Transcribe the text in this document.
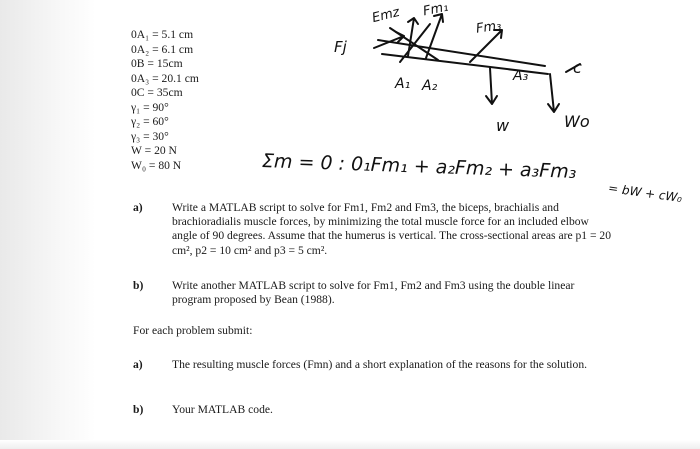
0A₁ = 5.1 cm
0A₂ = 6.1 cm
0B = 15cm
0A₃ = 20.1 cm
0C = 35cm
γ₁ = 90°
γ₂ = 60°
γ₃ = 30°
W = 20 N
W₀ = 80 N
Fj
Emz Fm₁
Fm₃
A₁ A₂
A₃	c
w	Wo
Σm = 0 : 0₁Fm₁ + a₂Fm₂ + a₃Fm₃
= bW + cW₀
a)	Write a MATLAB script to solve for Fm1, Fm2 and Fm3, the biceps, brachialis and brachioradialis muscle forces, by minimizing the total muscle force for an included elbow angle of 90 degrees. Assume that the humerus is vertical. The cross-sectional areas are p1 = 20 cm², p2 = 10 cm² and p3 = 5 cm².
b) Write another MATLAB script to solve for Fm1, Fm2 and Fm3 using the double linear program proposed by Bean (1988).
For each problem submit:
a)	The resulting muscle forces (Fmn) and a short explanation of the reasons for the solution.
b) Your MATLAB code.
